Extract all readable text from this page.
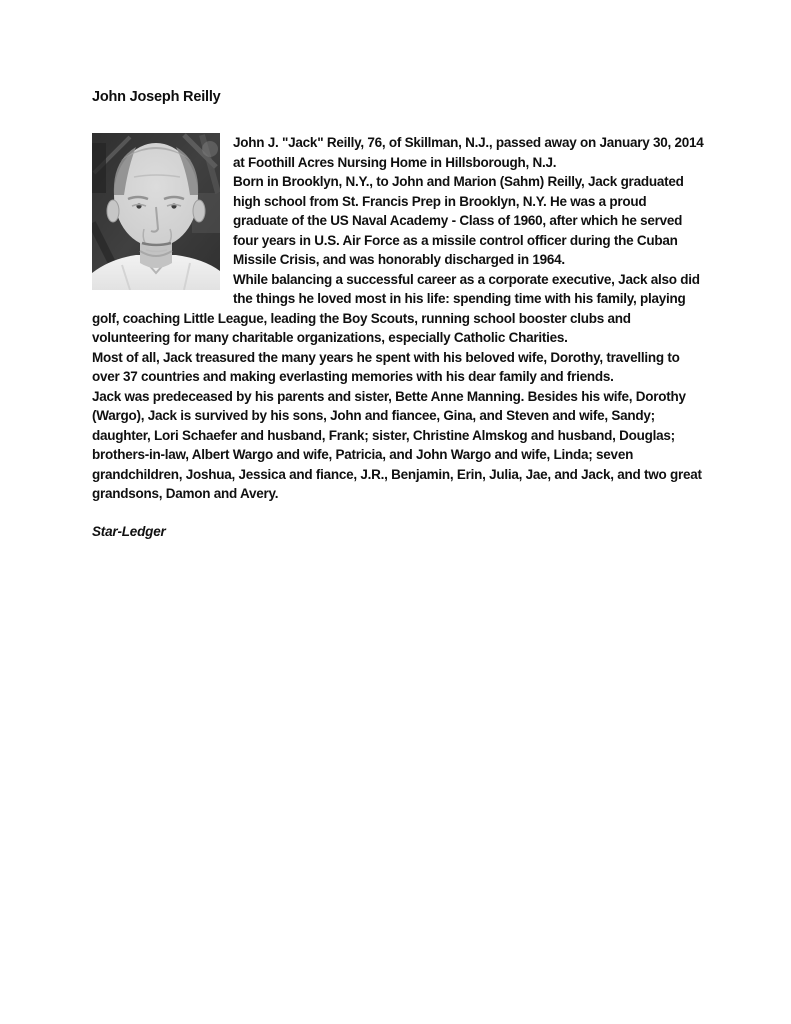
John Joseph Reilly

John J. "Jack" Reilly, 76, of Skillman, N.J., passed away on January 30, 2014 at Foothill Acres Nursing Home in Hillsborough, N.J.

Born in Brooklyn, N.Y., to John and Marion (Sahm) Reilly, Jack graduated high school from St. Francis Prep in Brooklyn, N.Y. He was a proud graduate of the US Naval Academy - Class of 1960, after which he served four years in U.S. Air Force as a missile control officer during the Cuban Missile Crisis, and was honorably discharged in 1964.

While balancing a successful career as a corporate executive, Jack also did the things he loved most in his life: spending time with his family, playing golf, coaching Little League, leading the Boy Scouts, running school booster clubs and volunteering for many charitable organizations, especially Catholic Charities.

Most of all, Jack treasured the many years he spent with his beloved wife, Dorothy, travelling to over 37 countries and making everlasting memories with his dear family and friends.

Jack was predeceased by his parents and sister, Bette Anne Manning. Besides his wife, Dorothy (Wargo), Jack is survived by his sons, John and fiancee, Gina, and Steven and wife, Sandy; daughter, Lori Schaefer and husband, Frank; sister, Christine Almskog and husband, Douglas; brothers-in-law, Albert Wargo and wife, Patricia, and John Wargo and wife, Linda; seven grandchildren, Joshua, Jessica and fiance, J.R., Benjamin, Erin, Julia, Jae, and Jack, and two great grandsons, Damon and Avery.

Star-Ledger
